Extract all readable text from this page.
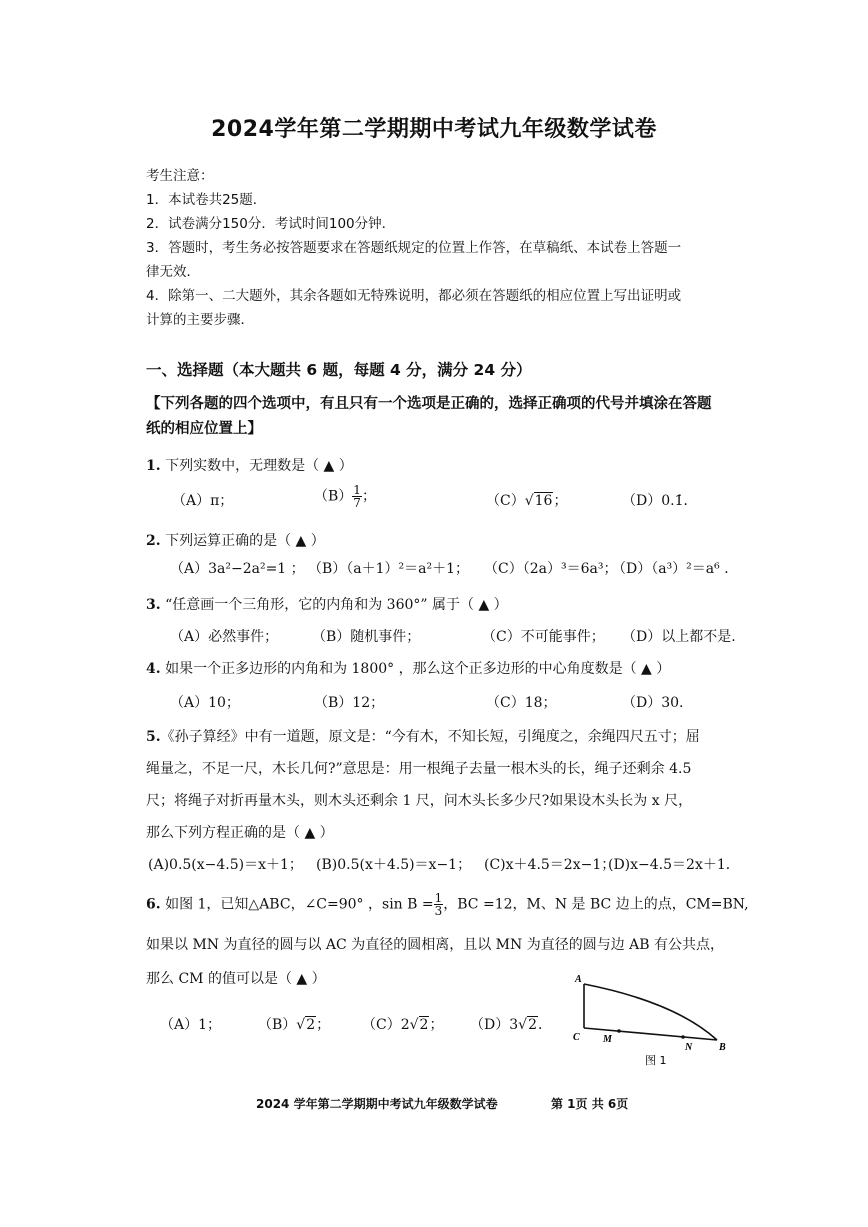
2024学年第二学期期中考试九年级数学试卷
考生注意：
1．本试卷共25题．
2．试卷满分150分．考试时间100分钟．
3．答题时，考生务必按答题要求在答题纸规定的位置上作答，在草稿纸、本试卷上答题一
律无效．
4．除第一、二大题外，其余各题如无特殊说明，都必须在答题纸的相应位置上写出证明或
计算的主要步骤．
一、选择题（本大题共 6 题，每题 4 分，满分 24 分）
【下列各题的四个选项中，有且只有一个选项是正确的，选择正确项的代号并填涂在答题
纸的相应位置上】
1. 下列实数中，无理数是（ ▲ ）
（A）π；	$(B) \frac{1}{7}$ ；	（C）√16；	（D）0.1̇．
2. 下列运算正确的是（ ▲ ）
（A）3a²−2a²=1 ； （B）（a＋1）²＝a²＋1； （C）（2a）³＝6a³；
（D）（a³）²＝a⁶ ．
3. “任意画一个三角形，它的内角和为 360°” 属于（ ▲ ）
（A）必然事件； （B）随机事件；	（C）不可能事件； （D）以上都不是.
4. 如果一个正多边形的内角和为 1800° ，那么这个正多边形的中心角度数是（ ▲ ）
（A）10；	（B）12；	（C）18；	（D）30.
5.《孙子算经》中有一道题，原文是：“今有木，不知长短，引绳度之，余绳四尺五寸；屈
绳量之，不足一尺，木长几何?”意思是：用一根绳子去量一根木头的长，绳子还剩余 4.5
尺；将绳子对折再量木头，则木头还剩余 1 尺，问木头长多少尺?如果设木头长为 x 尺，
那么下列方程正确的是（ ▲ ）
(A)0.5(x−4.5)＝x＋1； (B)0.5(x＋4.5)＝x−1； (C)x＋4.5＝2x−1；
(D)x−4.5＝2x＋1．
6. 如图 1，已知△ABC，∠C=90° ，$\sin B = \frac{1}{3}$ ，BC =12，M、N 是 BC 边上的点，CM=BN,
如果以 MN 为直径的圆与以 AC 为直径的圆相离，且以 MN 为直径的圆与边 AB 有公共点，
那么 CM 的值可以是（ ▲ ）
（A）1；	（B）√2； （C）2√2； （D）3√2．
A
C M
N	B
图 1
2024 学年第二学期期中考试九年级数学试卷	第 1页 共 6页
